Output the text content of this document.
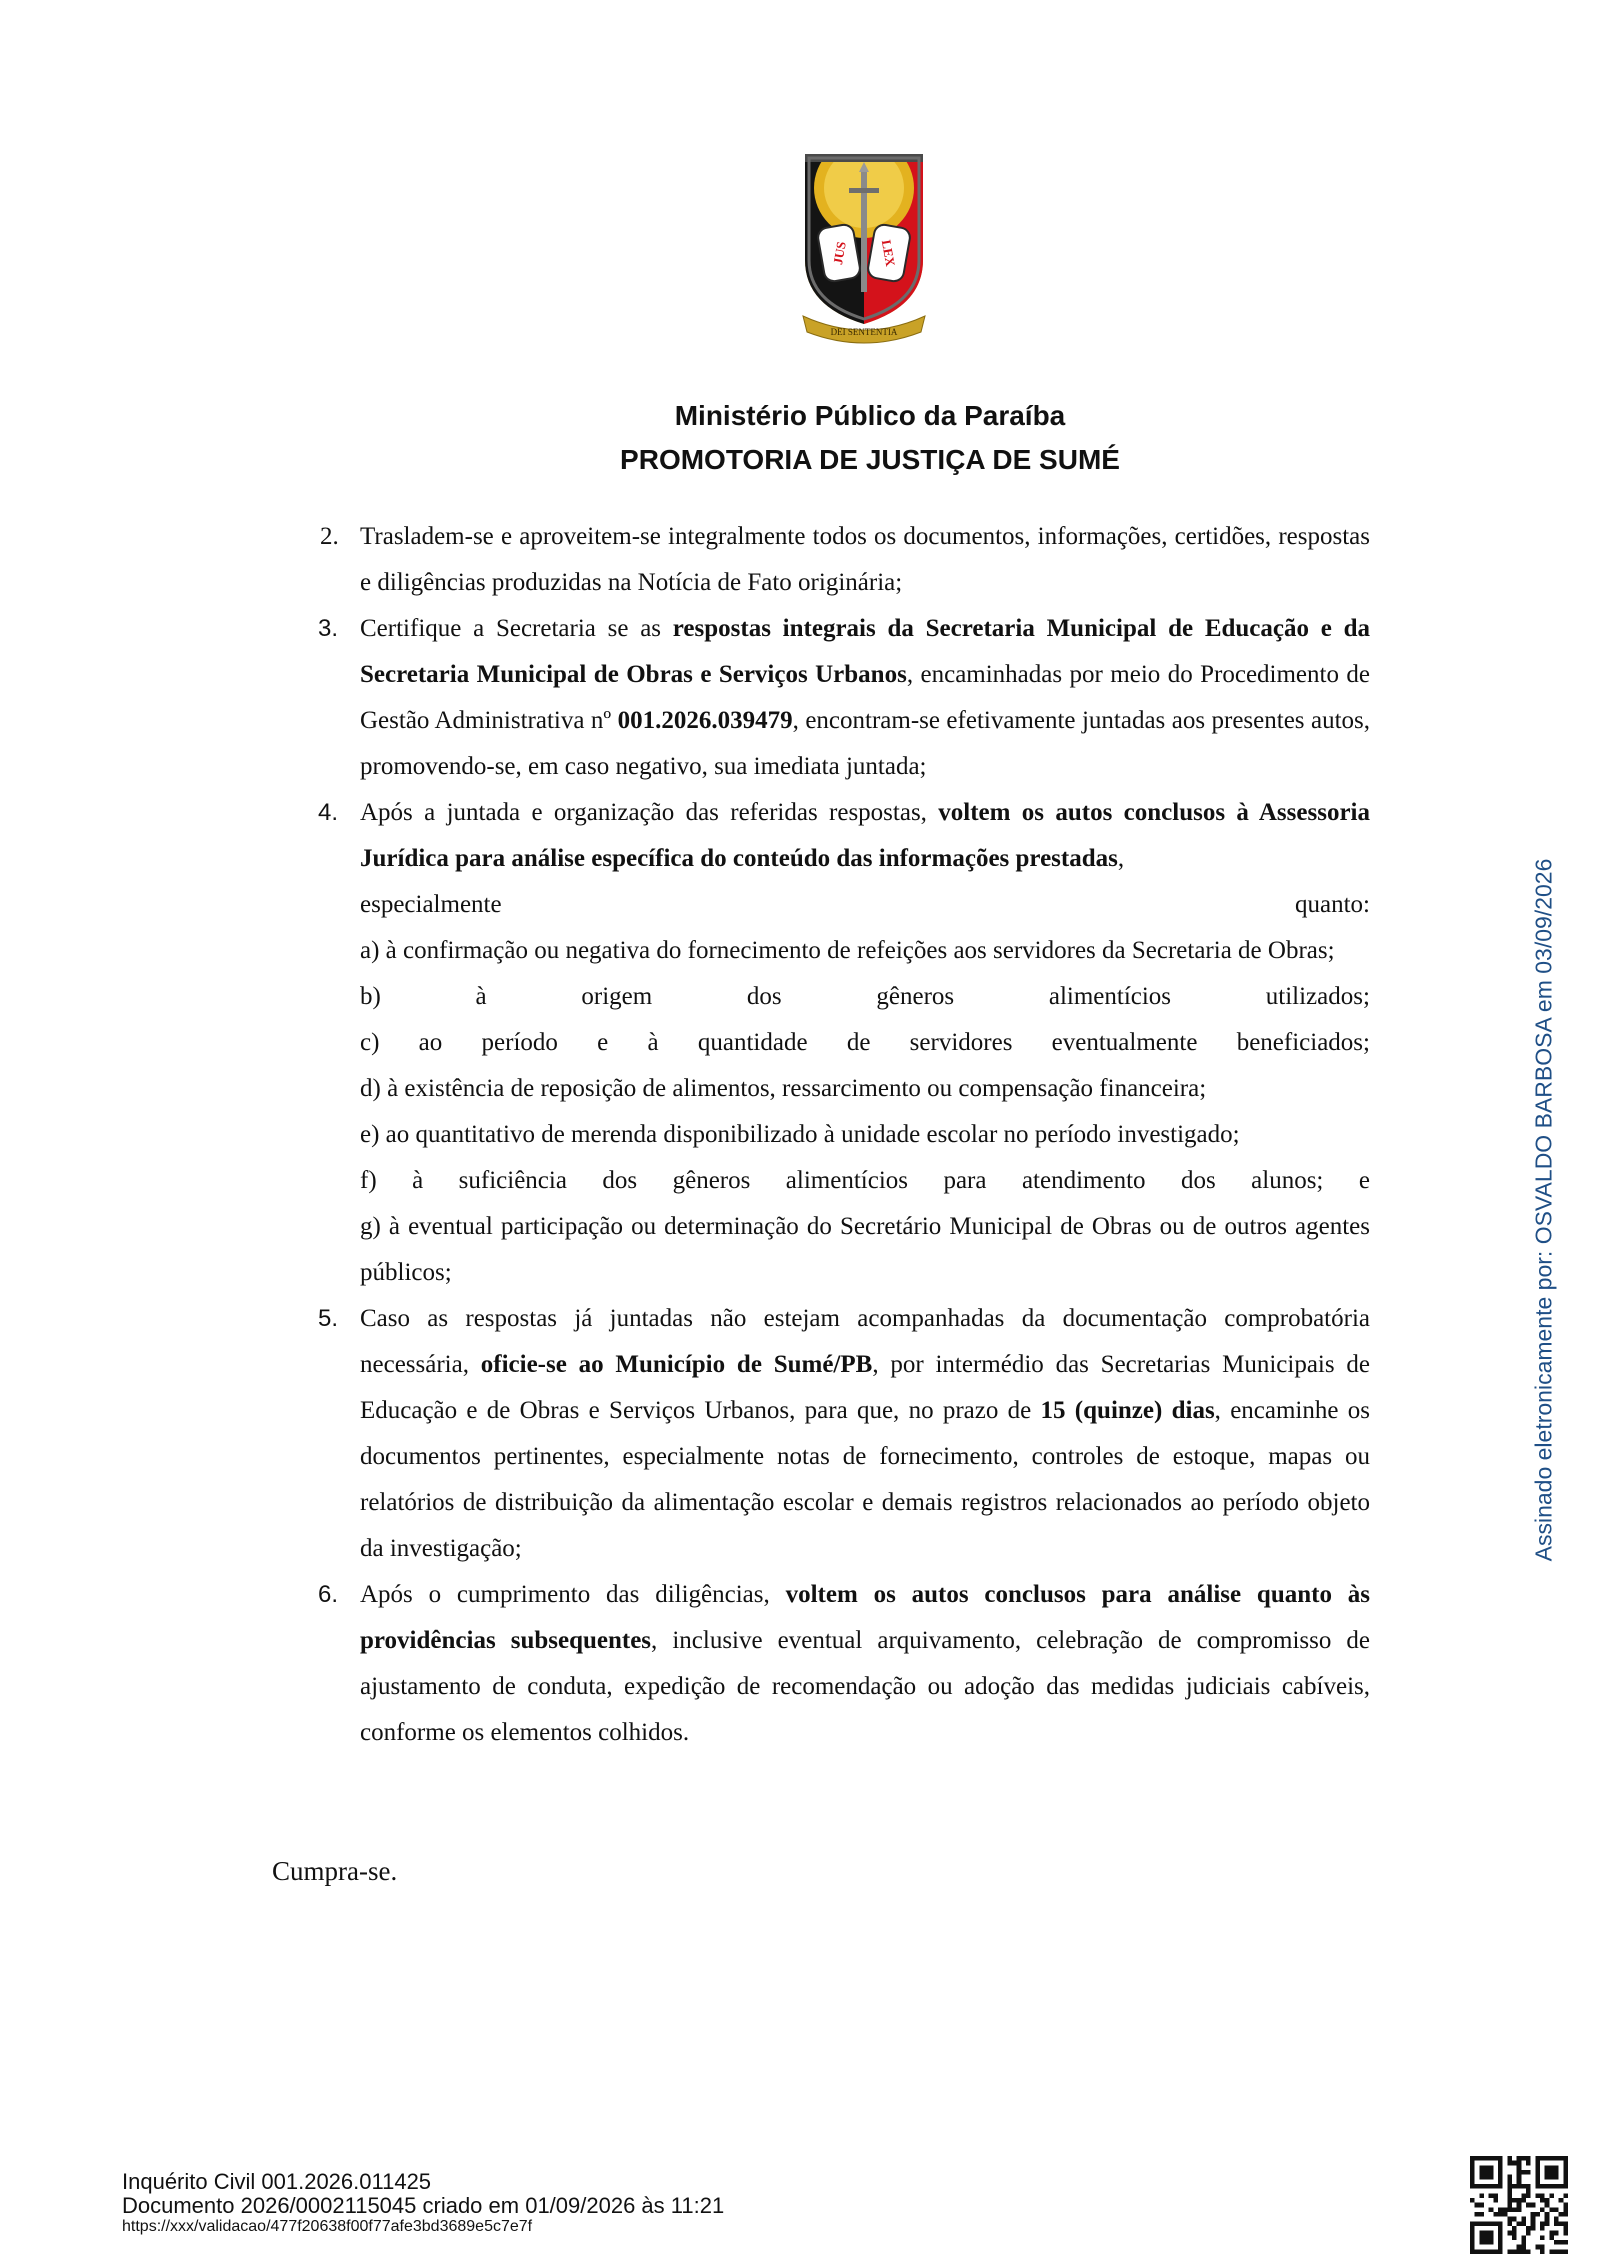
JUS LEX
DEI SENTENTIA
Ministério Público da Paraíba
PROMOTORIA DE JUSTIÇA DE SUMÉ
2. Trasladem-se e aproveitem-se integralmente todos os documentos, informações, certidões, respostas e diligências produzidas na Notícia de Fato originária;
3. Certifique a Secretaria se as respostas integrais da Secretaria Municipal de Educação e da Secretaria Municipal de Obras e Serviços Urbanos, encaminhadas por meio do Procedimento de Gestão Administrativa nº 001.2026.039479, encontram-se efetivamente juntadas aos presentes autos, promovendo-se, em caso negativo, sua imediata juntada;
4. Após a juntada e organização das referidas respostas, voltem os autos conclusos à Assessoria Jurídica para análise específica do conteúdo das informações prestadas,

especialmente	quanto:

a) à confirmação ou negativa do fornecimento de refeições aos servidores da Secretaria de Obras;

b)	à	origem	dos	gêneros	alimentícios	utilizados;
c) ao período e à quantidade de servidores eventualmente beneficiados;

d) à existência de reposição de alimentos, ressarcimento ou compensação financeira;

e) ao quantitativo de merenda disponibilizado à unidade escolar no período investigado;

f) à suficiência dos gêneros alimentícios para atendimento dos alunos; e

g) à eventual participação ou determinação do Secretário Municipal de Obras ou de outros agentes públicos;

5. Caso as respostas já juntadas não estejam acompanhadas da documentação comprobatória necessária, oficie-se ao Município de Sumé/PB, por intermédio das Secretarias Municipais de Educação e de Obras e Serviços Urbanos, para que, no prazo de 15 (quinze) dias, encaminhe os documentos pertinentes, especialmente notas de fornecimento, controles de estoque, mapas ou relatórios de distribuição da alimentação escolar e demais registros relacionados ao período objeto da investigação;
6. Após o cumprimento das diligências, voltem os autos conclusos para análise quanto às providências subsequentes, inclusive eventual arquivamento, celebração de compromisso de ajustamento de conduta, expedição de recomendação ou adoção das medidas judiciais cabíveis, conforme os elementos colhidos.
Cumpra-se.
Assinado eletronicamente por: OSVALDO BARBOSA em 03/09/2026
Inquérito Civil 001.2026.011425
Documento 2026/0002115045 criado em 01/09/2026 às 11:21
https://xxx/validacao/477f20638f00f77afe3bd3689e5c7e7f
